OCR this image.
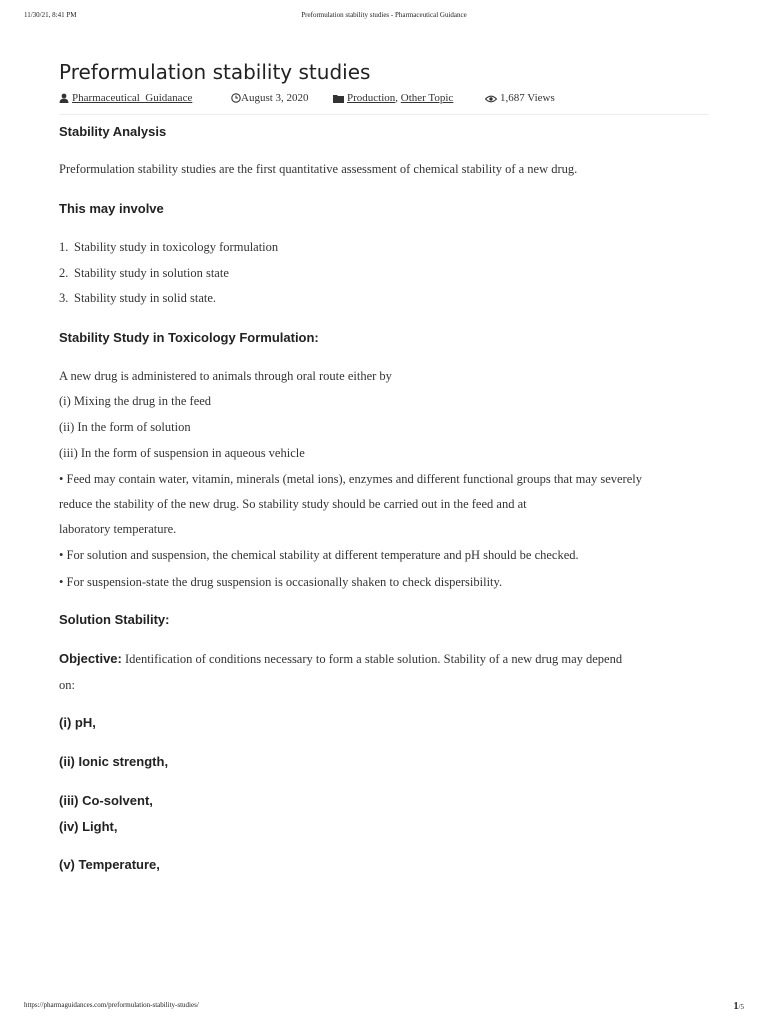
11/30/21, 8:41 PM	Preformulation stability studies - Pharmaceutical Guidance
Preformulation stability studies
Pharmaceutical_Guidanace	August 3, 2020	Production, Other Topic	1,687 Views
Stability Analysis
Preformulation stability studies are the first quantitative assessment of chemical stability of a new drug.
This may involve
1. Stability study in toxicology formulation
2. Stability study in solution state
3. Stability study in solid state.
Stability Study in Toxicology Formulation:
A new drug is administered to animals through oral route either by
(i) Mixing the drug in the feed
(ii) In the form of solution
(iii) In the form of suspension in aqueous vehicle
• Feed may contain water, vitamin, minerals (metal ions), enzymes and different functional groups that may severely
reduce the stability of the new drug. So stability study should be carried out in the feed and at
laboratory temperature.
• For solution and suspension, the chemical stability at different temperature and pH should be checked.
• For suspension-state the drug suspension is occasionally shaken to check dispersibility.
Solution Stability:
Objective: Identification of conditions necessary to form a stable solution. Stability of a new drug may depend
on:
(i) pH,
(ii) Ionic strength,
(iii) Co-solvent,
(iv) Light,
(v) Temperature,
https://pharmaguidances.com/preformulation-stability-studies/	1/5
